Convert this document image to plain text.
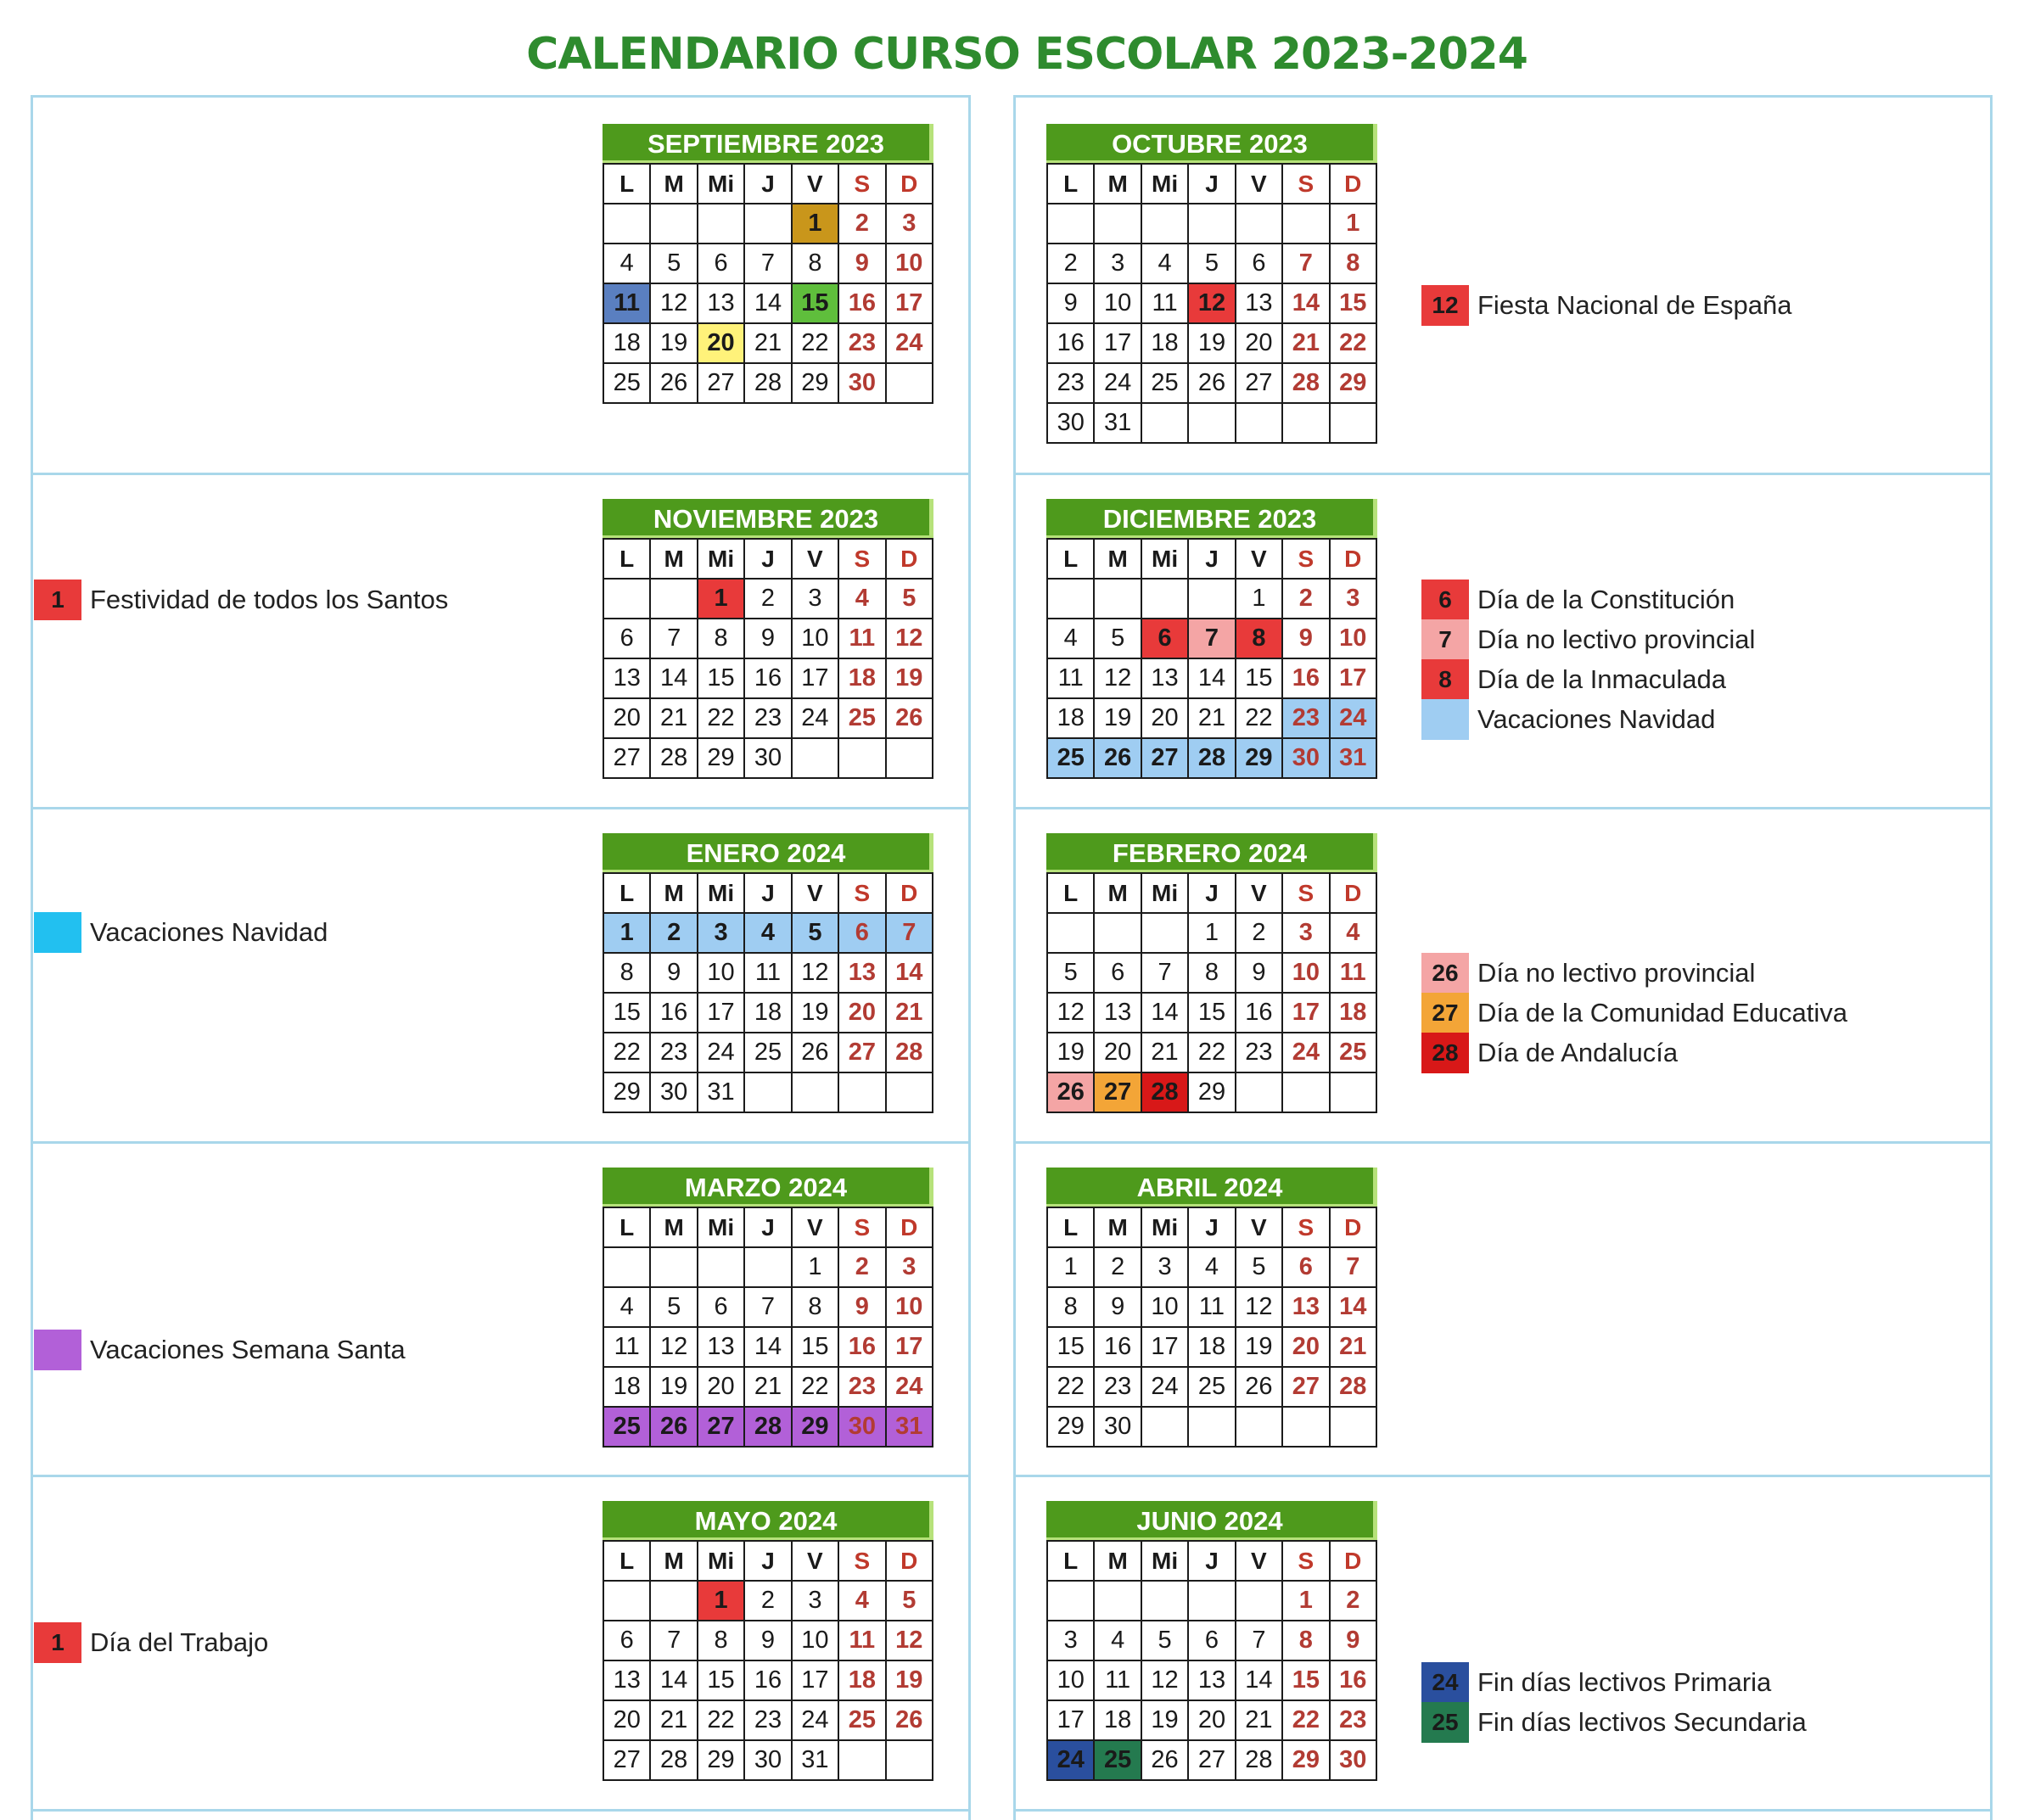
CALENDARIO CURSO ESCOLAR 2023-2024
SEPTIEMBRE 2023
L	M	Mi	J	V	S	D
				1	2	3
4	5	6	7	8	9	10
11	12	13	14	15	16	17
18	19	20	21	22	23	24
25	26	27	28	29	30	
OCTUBRE 2023
L	M	Mi	J	V	S	D
						1
2	3	4	5	6	7	8
9	10	11	12	13	14	15
16	17	18	19	20	21	22
23	24	25	26	27	28	29
30	31					
NOVIEMBRE 2023
L	M	Mi	J	V	S	D
		1	2	3	4	5
6	7	8	9	10	11	12
13	14	15	16	17	18	19
20	21	22	23	24	25	26
27	28	29	30			
DICIEMBRE 2023
L	M	Mi	J	V	S	D
				1	2	3
4	5	6	7	8	9	10
11	12	13	14	15	16	17
18	19	20	21	22	23	24
25	26	27	28	29	30	31
ENERO 2024
L	M	Mi	J	V	S	D
1	2	3	4	5	6	7
8	9	10	11	12	13	14
15	16	17	18	19	20	21
22	23	24	25	26	27	28
29	30	31				
FEBRERO 2024
L	M	Mi	J	V	S	D
			1	2	3	4
5	6	7	8	9	10	11
12	13	14	15	16	17	18
19	20	21	22	23	24	25
26	27	28	29			
MARZO 2024
L	M	Mi	J	V	S	D
				1	2	3
4	5	6	7	8	9	10
11	12	13	14	15	16	17
18	19	20	21	22	23	24
25	26	27	28	29	30	31
ABRIL 2024
L	M	Mi	J	V	S	D
1	2	3	4	5	6	7
8	9	10	11	12	13	14
15	16	17	18	19	20	21
22	23	24	25	26	27	28
29	30					
MAYO 2024
L	M	Mi	J	V	S	D
		1	2	3	4	5
6	7	8	9	10	11	12
13	14	15	16	17	18	19
20	21	22	23	24	25	26
27	28	29	30	31		
JUNIO 2024
L	M	Mi	J	V	S	D
					1	2
3	4	5	6	7	8	9
10	11	12	13	14	15	16
17	18	19	20	21	22	23
24	25	26	27	28	29	30
12 Fiesta Nacional de España
1 Festividad de todos los Santos	6 Día de la Constitución
7 Día no lectivo provincial
8 Día de la Inmaculada
Vacaciones Navidad
Vacaciones Navidad
26 Día no lectivo provincial
27 Día de la Comunidad Educativa
28 Día de Andalucía
Vacaciones Semana Santa
1 Día del Trabajo
24 Fin días lectivos Primaria
25 Fin días lectivos Secundaria
